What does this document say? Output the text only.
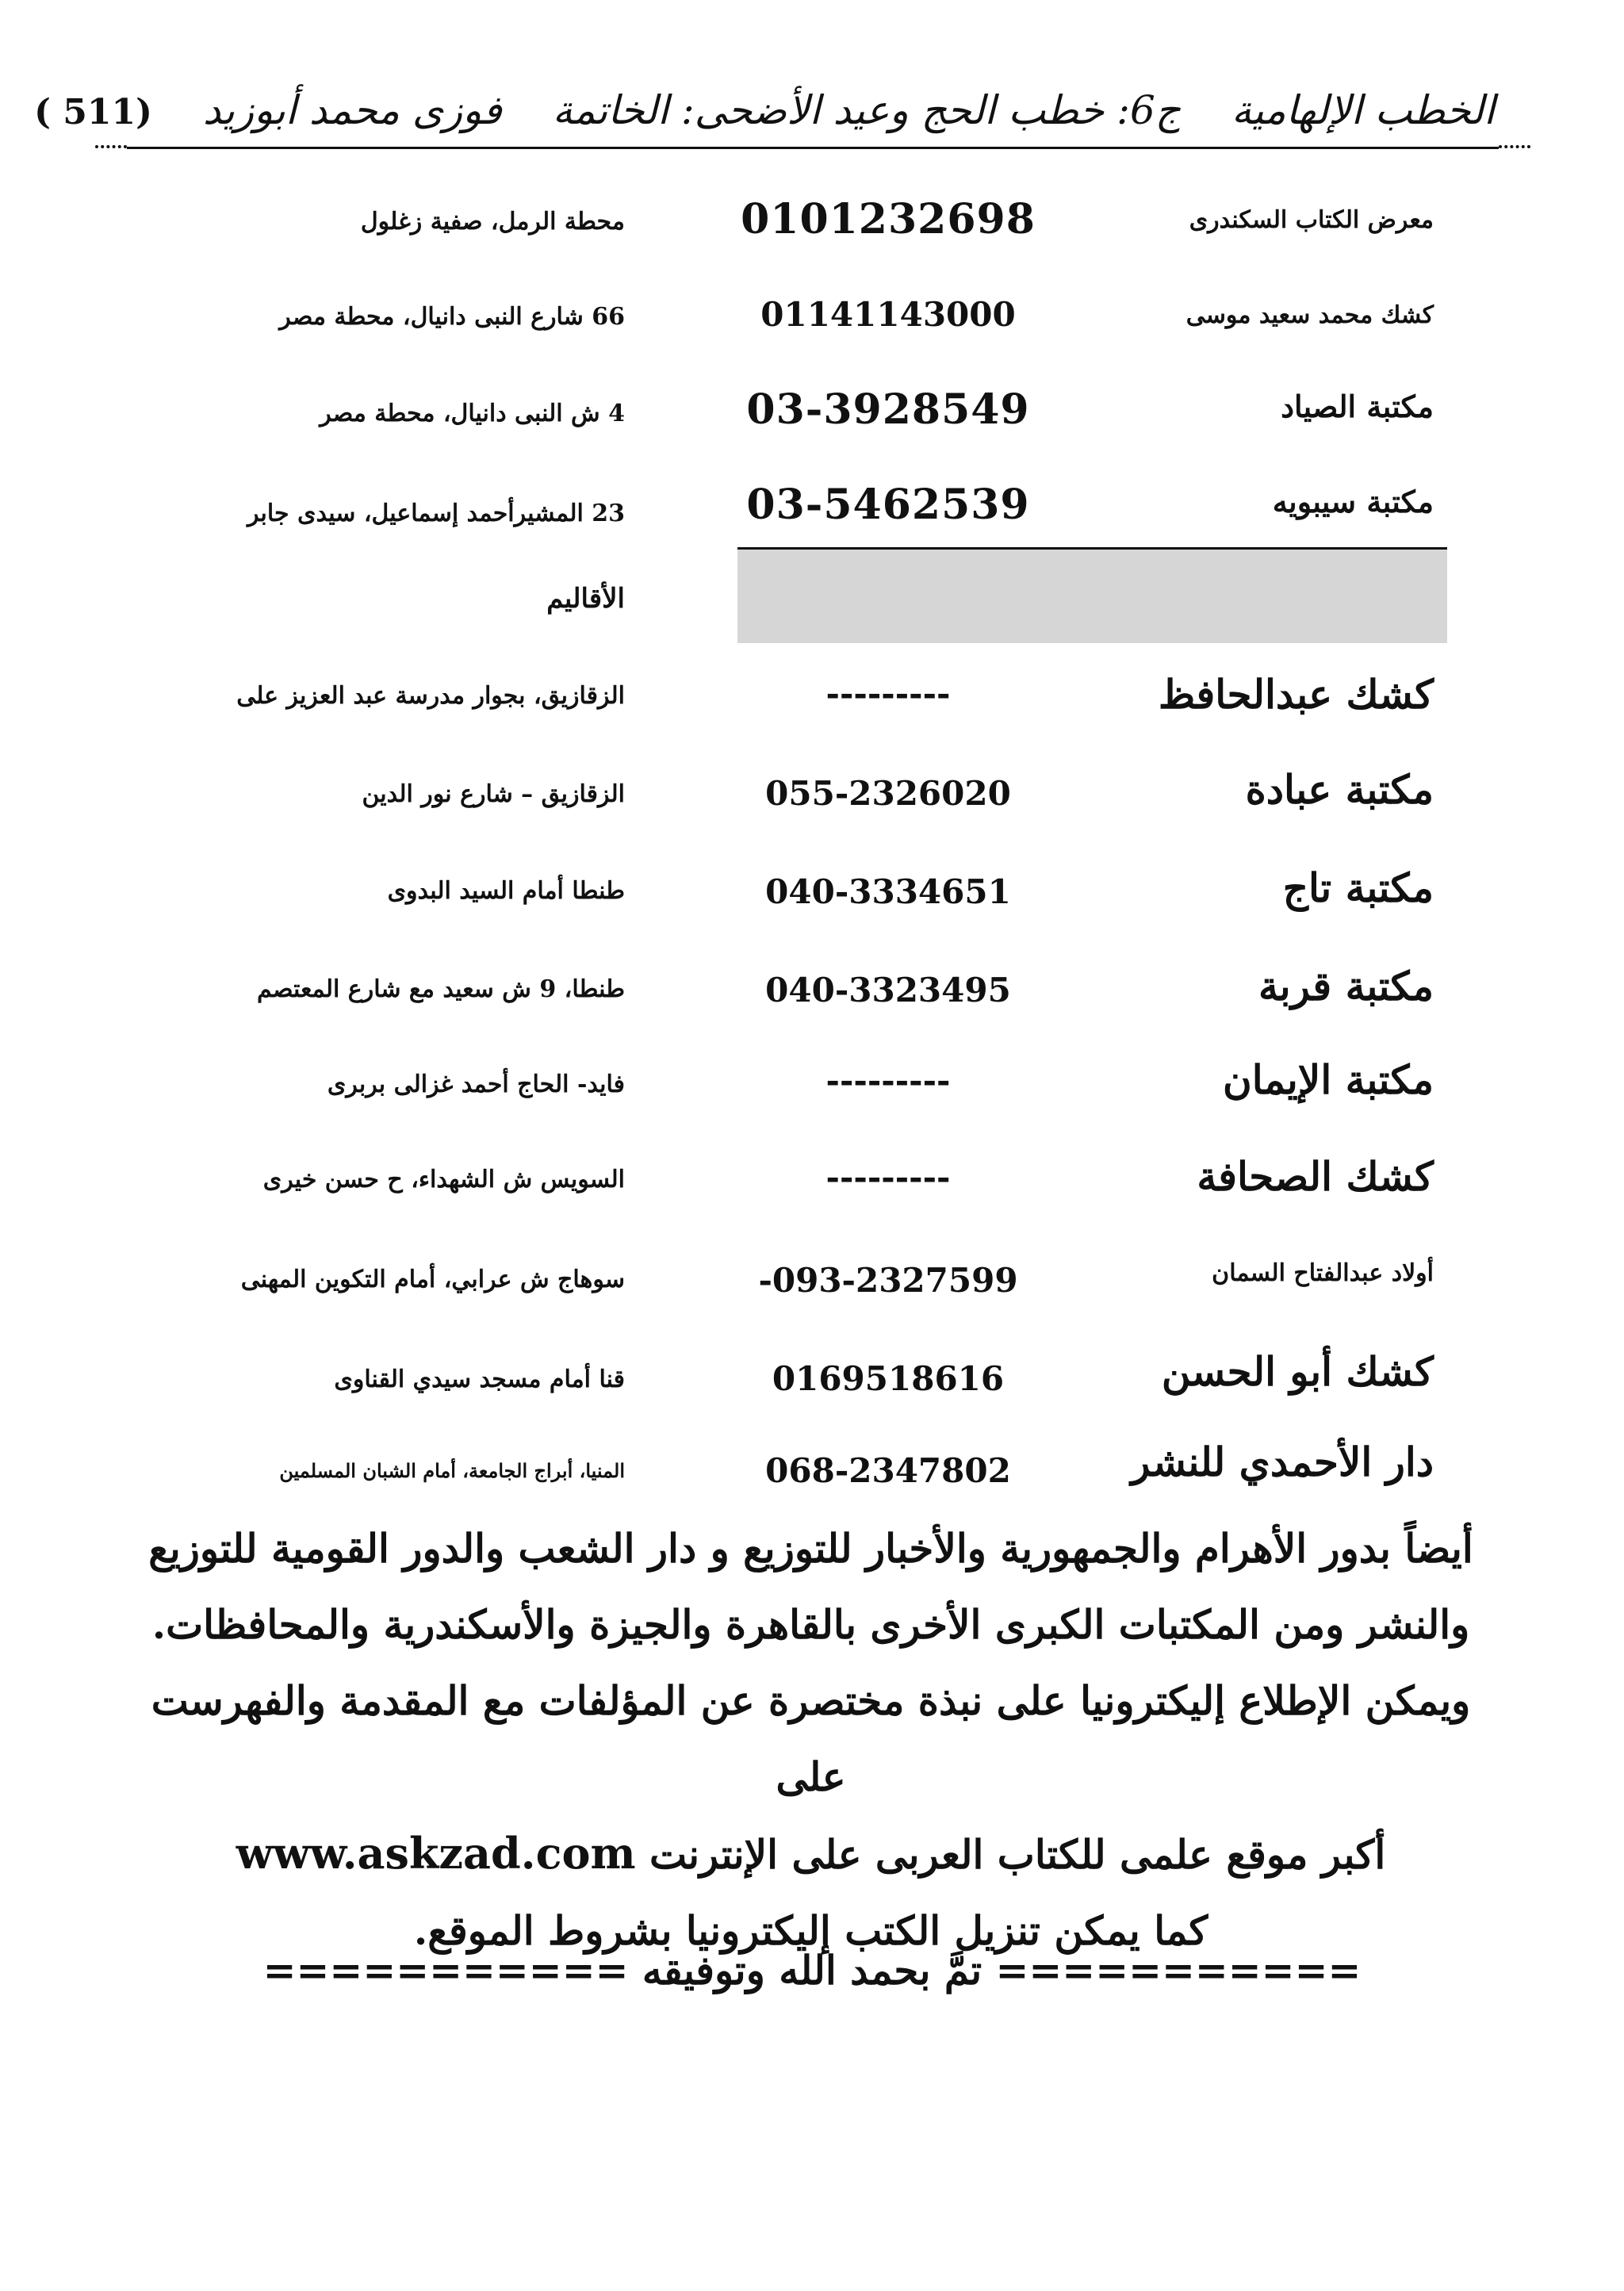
الخطب الإلهامية ج6: خطب الحج وعيد الأضحى: الخاتمة فوزى محمد أبوزيد (511 )
معرض الكتاب السكندرى
0101232698
محطة الرمل، صفية زغلول
كشك محمد سعيد موسى
01141143000
66 شارع النبى دانيال، محطة مصر
مكتبة الصياد
03-3928549
4 ش النبى دانيال، محطة مصر
مكتبة سيبويه
03-5462539
23 المشيرأحمد إسماعيل، سيدى جابر
الأقاليم
كشك عبدالحافظ
---------
الزقازيق، بجوار مدرسة عبد العزيز على
مكتبة عبادة
055-2326020
الزقازيق – شارع نور الدين
مكتبة تاج
040-3334651
طنطا أمام السيد البدوى
مكتبة قربة
040-3323495
طنطا، 9 ش سعيد مع شارع المعتصم
مكتبة الإيمان
---------
فايد- الحاج أحمد غزالى بربرى
كشك الصحافة
---------
السويس ش الشهداء، ح حسن خيرى
أولاد عبدالفتاح السمان
-093-2327599
سوهاج ش عرابي، أمام التكوين المهنى
كشك أبو الحسن
0169518616
قنا أمام مسجد سيدي القناوى
دار الأحمدي للنشر
068-2347802
المنيا، أبراج الجامعة، أمام الشبان المسلمين

أيضاً بدور الأهرام والجمهورية والأخبار للتوزيع و دار الشعب والدور القومية للتوزيع

والنشر ومن المكتبات الكبرى الأخرى بالقاهرة والجيزة والأسكندرية والمحافظات.

ويمكن الإطلاع إليكترونيا على نبذة مختصرة عن المؤلفات مع المقدمة والفهرست على

أكبر موقع علمى للكتاب العربى على الإنترنت www.askzad.com

كما يمكن تنزيل الكتب إليكترونيا بشروط الموقع.

=========== تمَّ بحمد الله وتوفيقه ===========
